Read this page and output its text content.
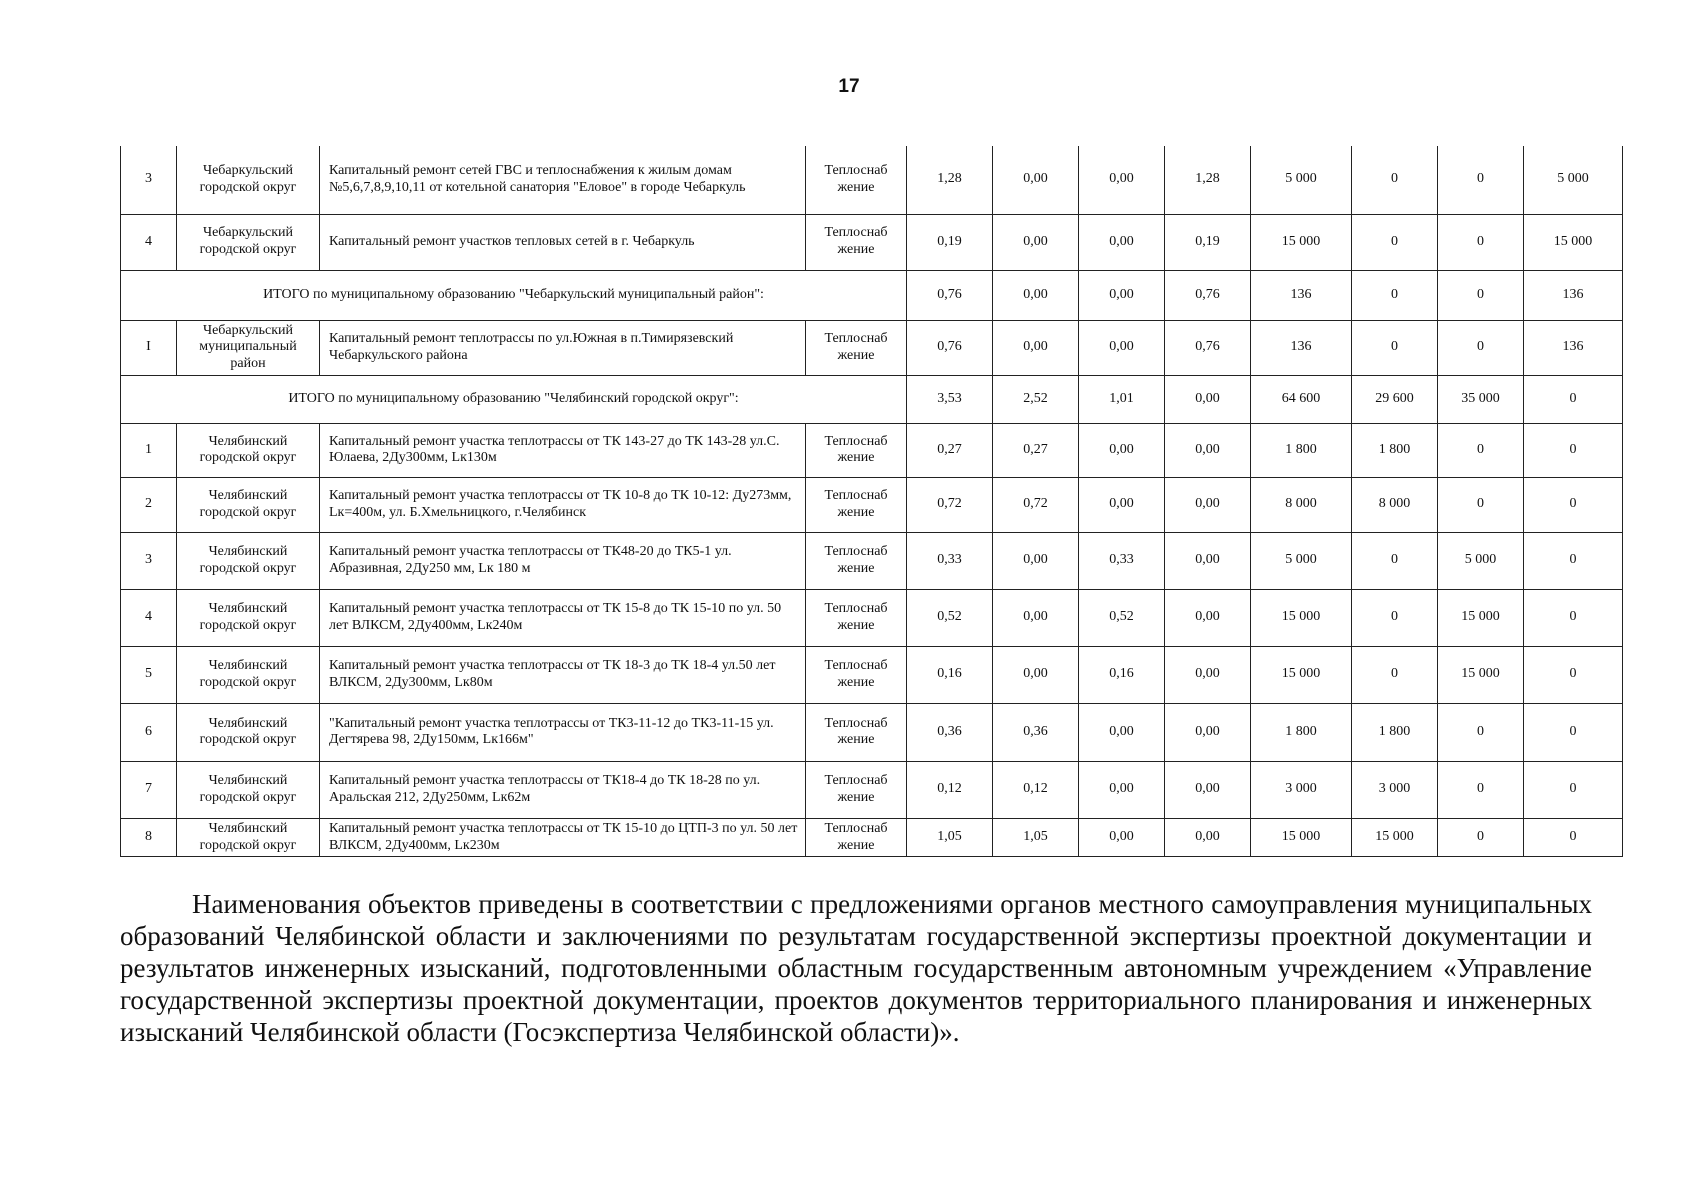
17
3	Чебаркульский городской округ	Капитальный ремонт сетей ГВС и теплоснабжения к жилым домам №5,6,7,8,9,10,11 от котельной санатория "Еловое" в городе Чебаркуль	Теплоснаб жение	1,28	0,00	0,00	1,28	5 000	0	0	5 000
4	Чебаркульский городской округ	Капитальный ремонт участков тепловых сетей в г. Чебаркуль	Теплоснаб жение	0,19	0,00	0,00	0,19	15 000	0	0	15 000
ИТОГО по муниципальному образованию "Чебаркульский муниципальный район":				0,76	0,00	0,00	0,76	136	0	0	136
I	Чебаркульский муниципальный район	Капитальный ремонт теплотрассы по ул.Южная в п.Тимирязевский Чебаркульского района	Теплоснаб жение	0,76	0,00	0,00	0,76	136	0	0	136
ИТОГО по муниципальному образованию "Челябинский городской округ":				3,53	2,52	1,01	0,00	64 600	29 600	35 000	0
1	Челябинский городской округ	Капитальный ремонт участка теплотрассы от ТК 143-27 до ТК 143-28 ул.С. Юлаева, 2Ду300мм, Lк130м	Теплоснаб жение	0,27	0,27	0,00	0,00	1 800	1 800	0	0
2	Челябинский городской округ	Капитальный ремонт участка теплотрассы от ТК 10-8 до ТК 10-12: Ду273мм, Lк=400м, ул. Б.Хмельницкого, г.Челябинск	Теплоснаб жение	0,72	0,72	0,00	0,00	8 000	8 000	0	0
3	Челябинский городской округ	Капитальный ремонт участка теплотрассы от ТК48-20 до ТК5-1 ул. Абразивная, 2Ду250 мм, Lк 180 м	Теплоснаб жение	0,33	0,00	0,33	0,00	5 000	0	5 000	0
4	Челябинский городской округ	Капитальный ремонт участка теплотрассы от ТК 15-8 до ТК 15-10 по ул. 50 лет ВЛКСМ, 2Ду400мм, Lк240м	Теплоснаб жение	0,52	0,00	0,52	0,00	15 000	0	15 000	0
5	Челябинский городской округ	Капитальный ремонт участка теплотрассы от ТК 18-3 до ТК 18-4 ул.50 лет ВЛКСМ, 2Ду300мм, Lк80м	Теплоснаб жение	0,16	0,00	0,16	0,00	15 000	0	15 000	0
6	Челябинский городской округ	"Капитальный ремонт участка теплотрассы от ТК3-11-12 до ТК3-11-15 ул. Дегтярева 98, 2Ду150мм, Lк166м"	Теплоснаб жение	0,36	0,36	0,00	0,00	1 800	1 800	0	0
7	Челябинский городской округ	Капитальный ремонт участка теплотрассы от ТК18-4 до ТК 18-28 по ул. Аральская 212, 2Ду250мм, Lк62м	Теплоснаб жение	0,12	0,12	0,00	0,00	3 000	3 000	0	0
8	Челябинский городской округ	Капитальный ремонт участка теплотрассы от ТК 15-10 до ЦТП-3 по ул. 50 лет ВЛКСМ, 2Ду400мм, Lк230м	Теплоснаб жение	1,05	1,05	0,00	0,00	15 000	15 000	0	0
Наименования объектов приведены в соответствии с предложениями органов местного самоуправления муниципальных образований Челябинской области и заключениями по результатам государственной экспертизы проектной документации и результатов инженерных изысканий, подготовленными областным государственным автономным учреждением «Управление государственной экспертизы проектной документации, проектов документов территориального планирования и инженерных изысканий Челябинской области (Госэкспертиза Челябинской области)».
